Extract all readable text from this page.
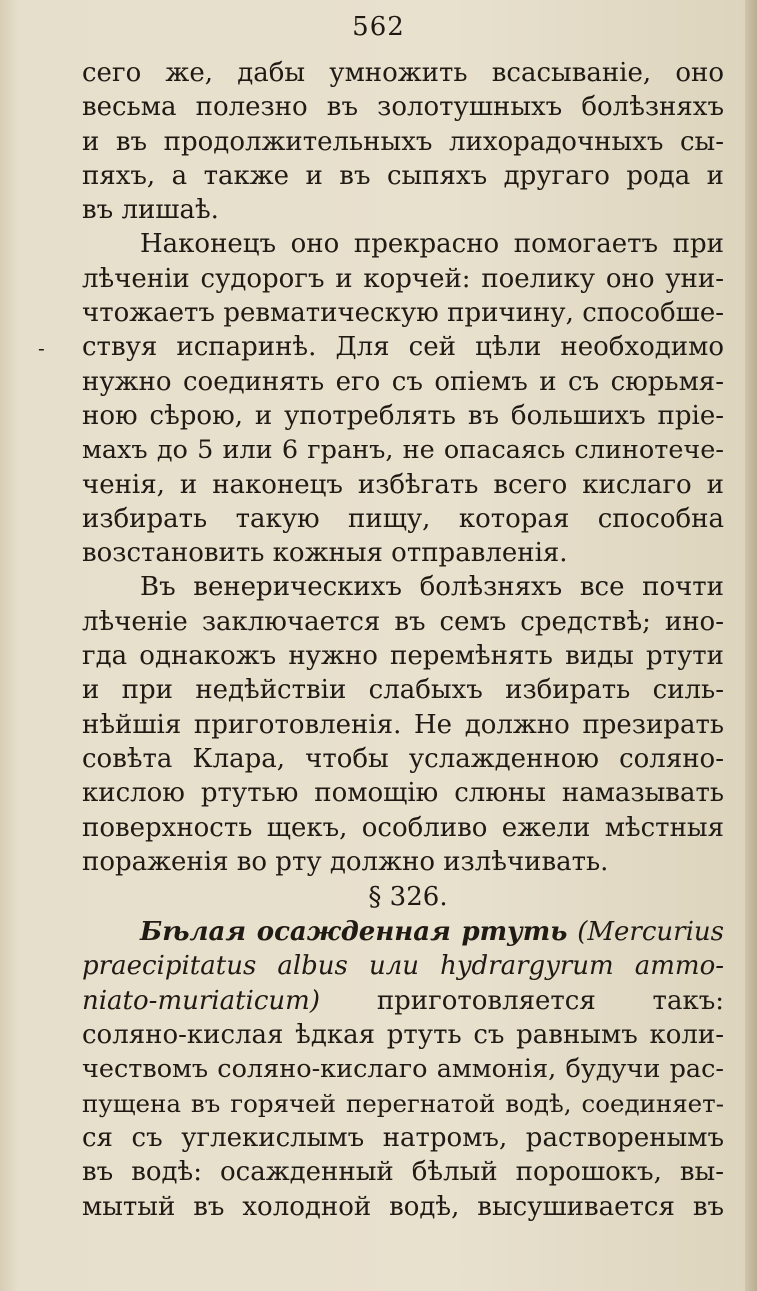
562
-
сего же, дабы умножить всасываніе, оно
весьма полезно въ золотушныхъ болѣзняхъ
и въ продолжительныхъ лихорадочныхъ сы-
пяхъ, а также и въ сыпяхъ другаго рода и
въ лишаѣ.
Наконецъ оно прекрасно помогаетъ при
лѣченіи судорогъ и корчей: поелику оно уни-
чтожаетъ ревматическую причину, способше-
ствуя испаринѣ. Для сей цѣли необходимо
нужно соединять его съ опіемъ и съ сюрьмя-
ною сѣрою, и употреблять въ большихъ пріе-
махъ до 5 или 6 гранъ, не опасаясь слинотече-
ченія, и наконецъ избѣгать всего кислаго и
избирать такую пищу, которая способна
возстановить кожныя отправленія.
Въ венерическихъ болѣзняхъ все почти
лѣченіе заключается въ семъ средствѣ; ино-
гда однакожъ нужно перемѣнять виды ртути
и при недѣйствіи слабыхъ избирать силь-
нѣйшія приготовленія. Не должно презирать
совѣта Клара, чтобы услажденною соляно-
кислою ртутью помощію слюны намазывать
поверхность щекъ, особливо ежели мѣстныя
пораженія во рту должно излѣчивать.
§ 326.
Бѣлая осажденная ртуть (Mercurius
praecipitatus albus или hydrargyrum ammo-
niato-muriaticum) приготовляется такъ:
соляно-кислая ѣдкая ртуть съ равнымъ коли-
чествомъ соляно-кислаго аммонія, будучи рас-
пущена въ горячей перегнатой водѣ, соединяет-
ся съ углекислымъ натромъ, растворенымъ
въ водѣ: осажденный бѣлый порошокъ, вы-
мытый въ холодной водѣ, высушивается въ
